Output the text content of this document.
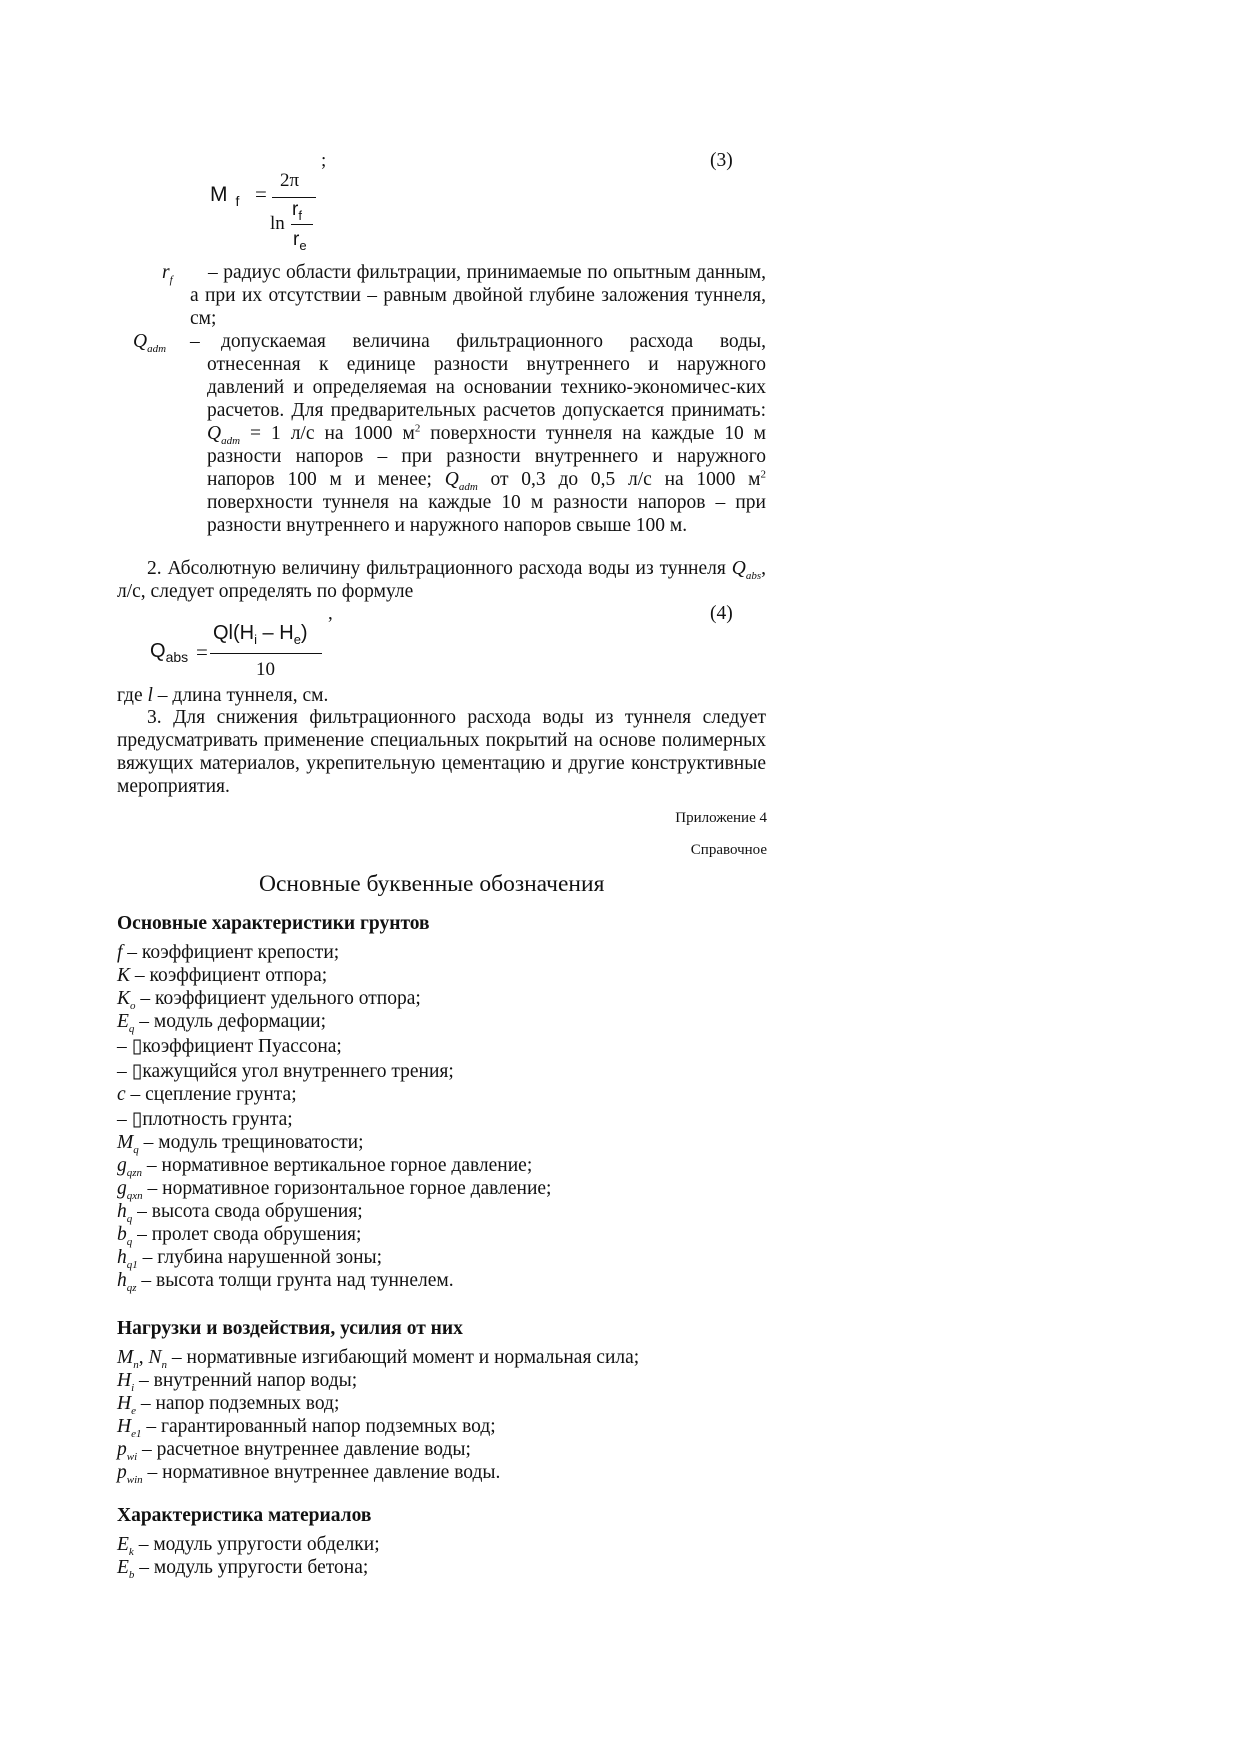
;	(3)
M $_f$ =
2π
ln
$r_f$
$r_e$
$r_f$	– радиус области фильтрации, принимаемые по опытным данным, а при их отсутствии – равным двойной глубине заложения туннеля, см;
$Q_{adm}$ –	допускаемая величина фильтрационного расхода воды, отнесенная к единице разности внутреннего и наружного давлений и определяемая на основании технико-экономичес-ких расчетов. Для предварительных расчетов допускается принимать: $Q_{adm} = 1$ л/с на 1000 $м^2$ поверхности туннеля на каждые 10 м разности напоров – при разности внутреннего и наружного напоров 100 м и менее; $Q_{adm}$ от 0,3 до 0,5 л/с на 1000 $м^2$ поверхности туннеля на каждые 10 м разности напоров – при разности внутреннего и наружного напоров свыше 100 м.
2. Абсолютную величину фильтрационного расхода воды из туннеля $Q_{abs}$, л/с, следует определять по формуле
,	(4)
$Q_{abs}$ =
$Ql(H_i - H_e)$
10
где l – длина туннеля, см.
3. Для снижения фильтрационного расхода воды из туннеля следует предусматривать применение специальных покрытий на основе полимерных вяжущих материалов, укрепительную цементацию и другие конструктивные мероприятия.
Приложение 4
Справочное
Основные буквенные обозначения
Основные характеристики грунтов
f – коэффициент крепости;
K – коэффициент отпора;
$K_o$ – коэффициент удельного отпора;
$E_q$ – модуль деформации;
– ▯коэффициент Пуассона;
– ▯кажущийся угол внутреннего трения;
c – сцепление грунта;
– ▯плотность грунта;
$M_q$ – модуль трещиноватости;
$g_{qzn}$ – нормативное вертикальное горное давление;
$g_{qxn}$ – нормативное горизонтальное горное давление;
$h_q$ – высота свода обрушения;
$b_q$ – пролет свода обрушения;
$h_{q1}$ – глубина нарушенной зоны;
$h_{qz}$ – высота толщи грунта над туннелем.
Нагрузки и воздействия, усилия от них
$M_n$, $N_n$ – нормативные изгибающий момент и нормальная сила;
$H_i$ – внутренний напор воды;
$H_e$ – напор подземных вод;
$H_{e1}$ – гарантированный напор подземных вод;
$p_{wi}$ – расчетное внутреннее давление воды;
$p_{win}$ – нормативное внутреннее давление воды.
Характеристика материалов
$E_k$ – модуль упругости обделки;
$E_b$ – модуль упругости бетона;
